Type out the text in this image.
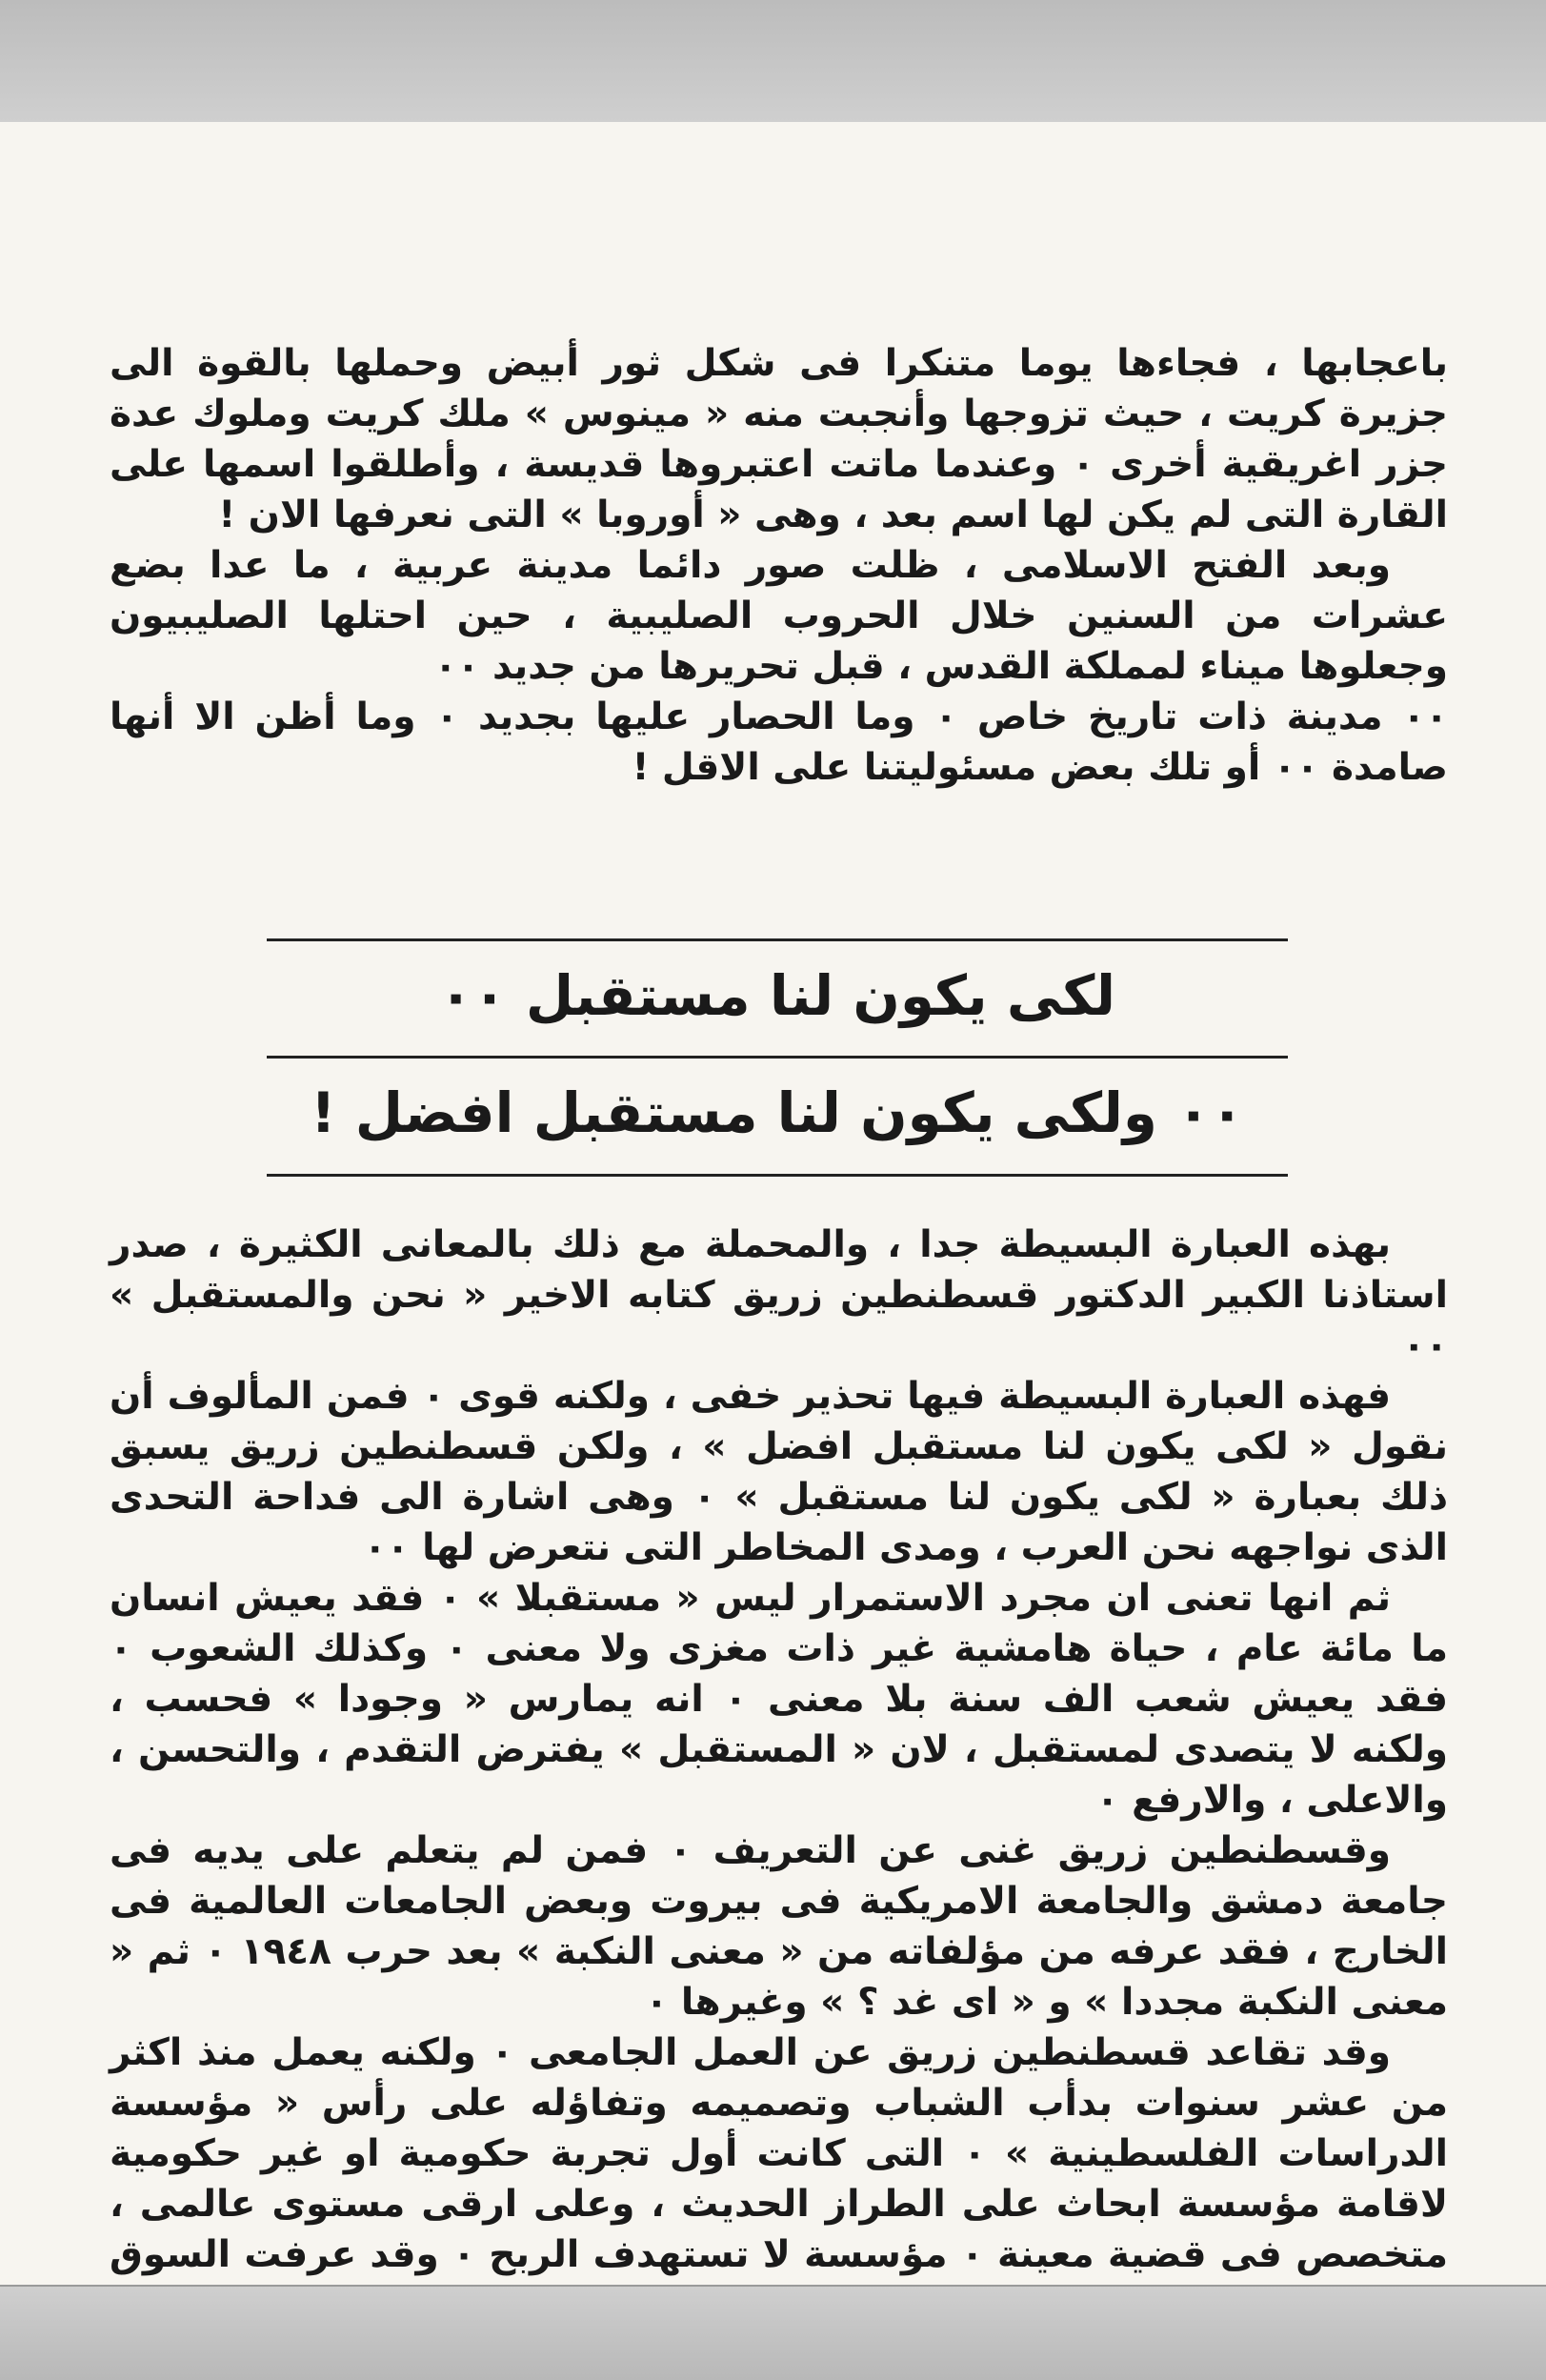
باعجابها ، فجاءها يوما متنكرا فى شكل ثور أبيض وحملها بالقوة الى جزيرة كريت ، حيث تزوجها وأنجبت منه « مينوس » ملك كريت وملوك عدة جزر اغريقية أخرى ٠ وعندما ماتت اعتبروها قديسة ، وأطلقوا اسمها على القارة التى لم يكن لها اسم بعد ، وهى « أوروبا » التى نعرفها الان !

وبعد الفتح الاسلامى ، ظلت صور دائما مدينة عربية ، ما عدا بضع عشرات من السنين خلال الحروب الصليبية ، حين احتلها الصليبيون وجعلوها ميناء لمملكة القدس ، قبل تحريرها من جديد ٠٠

٠٠ مدينة ذات تاريخ خاص ٠ وما الحصار عليها بجديد ٠ وما أظن الا أنها صامدة ٠٠ أو تلك بعض مسئوليتنا على الاقل !

لكى يكون لنا مستقبل ٠٠
٠٠ ولكى يكون لنا مستقبل افضل !

بهذه العبارة البسيطة جدا ، والمحملة مع ذلك بالمعانى الكثيرة ، صدر استاذنا الكبير الدكتور قسطنطين زريق كتابه الاخير « نحن والمستقبل » ٠٠

فهذه العبارة البسيطة فيها تحذير خفى ، ولكنه قوى ٠ فمن المألوف أن نقول « لكى يكون لنا مستقبل افضل » ، ولكن قسطنطين زريق يسبق ذلك بعبارة « لكى يكون لنا مستقبل » ٠ وهى اشارة الى فداحة التحدى الذى نواجهه نحن العرب ، ومدى المخاطر التى نتعرض لها ٠٠

ثم انها تعنى ان مجرد الاستمرار ليس « مستقبلا » ٠ فقد يعيش انسان ما مائة عام ، حياة هامشية غير ذات مغزى ولا معنى ٠ وكذلك الشعوب ٠ فقد يعيش شعب الف سنة بلا معنى ٠ انه يمارس « وجودا » فحسب ، ولكنه لا يتصدى لمستقبل ، لان « المستقبل » يفترض التقدم ، والتحسن ، والاعلى ، والارفع ٠

وقسطنطين زريق غنى عن التعريف ٠ فمن لم يتعلم على يديه فى جامعة دمشق والجامعة الامريكية فى بيروت وبعض الجامعات العالمية فى الخارج ، فقد عرفه من مؤلفاته من « معنى النكبة » بعد حرب ١٩٤٨ ٠ ثم « معنى النكبة مجددا » و « اى غد ؟ » وغيرها ٠

وقد تقاعد قسطنطين زريق عن العمل الجامعى ٠ ولكنه يعمل منذ اكثر من عشر سنوات بدأب الشباب وتصميمه وتفاؤله على رأس « مؤسسة الدراسات الفلسطينية » ٠ التى كانت أول تجربة حكومية او غير حكومية لاقامة مؤسسة ابحاث على الطراز الحديث ، وعلى ارقى مستوى عالمى ، متخصص فى قضية معينة ٠ مؤسسة لا تستهدف الربح ٠ وقد عرفت السوق
